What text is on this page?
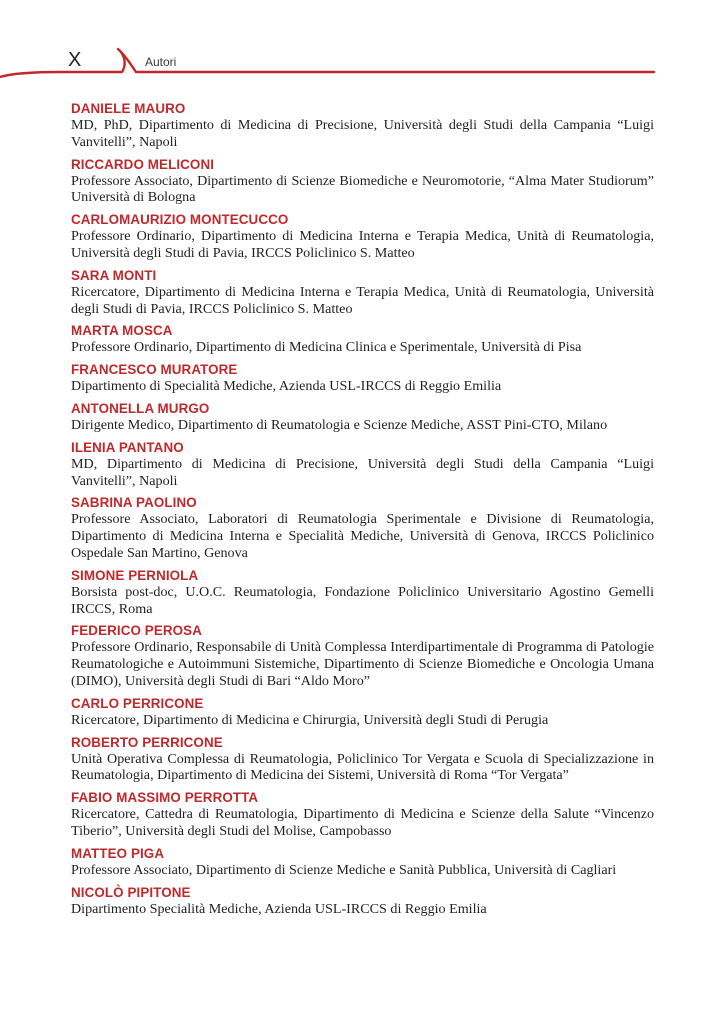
X	Autori
DANIELE MAURO
MD, PhD, Dipartimento di Medicina di Precisione, Università degli Studi della Campania “Luigi Vanvitelli”, Napoli
RICCARDO MELICONI
Professore Associato, Dipartimento di Scienze Biomediche e Neuromotorie, “Alma Mater Studiorum” Università di Bologna
CARLOMAURIZIO MONTECUCCO
Professore Ordinario, Dipartimento di Medicina Interna e Terapia Medica, Unità di Reumatologia, Università degli Studi di Pavia, IRCCS Policlinico S. Matteo
SARA MONTI
Ricercatore, Dipartimento di Medicina Interna e Terapia Medica, Unità di Reumatologia, Università degli Studi di Pavia, IRCCS Policlinico S. Matteo
MARTA MOSCA
Professore Ordinario, Dipartimento di Medicina Clinica e Sperimentale, Università di Pisa
FRANCESCO MURATORE
Dipartimento di Specialità Mediche, Azienda USL-IRCCS di Reggio Emilia
ANTONELLA MURGO
Dirigente Medico, Dipartimento di Reumatologia e Scienze Mediche, ASST Pini-CTO, Milano
ILENIA PANTANO
MD, Dipartimento di Medicina di Precisione, Università degli Studi della Campania “Luigi Vanvitelli”, Napoli
SABRINA PAOLINO
Professore Associato, Laboratori di Reumatologia Sperimentale e Divisione di Reumatologia, Dipartimento di Medicina Interna e Specialità Mediche, Università di Genova, IRCCS Policlinico Ospedale San Martino, Genova
SIMONE PERNIOLA
Borsista post-doc, U.O.C. Reumatologia, Fondazione Policlinico Universitario Agostino Gemelli IRCCS, Roma
FEDERICO PEROSA
Professore Ordinario, Responsabile di Unità Complessa Interdipartimentale di Programma di Patologie Reumatologiche e Autoimmuni Sistemiche, Dipartimento di Scienze Biomediche e Oncologia Umana (DIMO), Università degli Studi di Bari “Aldo Moro”
CARLO PERRICONE
Ricercatore, Dipartimento di Medicina e Chirurgia, Università degli Studi di Perugia
ROBERTO PERRICONE
Unità Operativa Complessa di Reumatologia, Policlinico Tor Vergata e Scuola di Specializzazione in Reumatologia, Dipartimento di Medicina dei Sistemi, Università di Roma “Tor Vergata”
FABIO MASSIMO PERROTTA
Ricercatore, Cattedra di Reumatologia, Dipartimento di Medicina e Scienze della Salute “Vincenzo Tiberio”, Università degli Studi del Molise, Campobasso
MATTEO PIGA
Professore Associato, Dipartimento di Scienze Mediche e Sanità Pubblica, Università di Cagliari
NICOLÒ PIPITONE
Dipartimento Specialità Mediche, Azienda USL-IRCCS di Reggio Emilia
